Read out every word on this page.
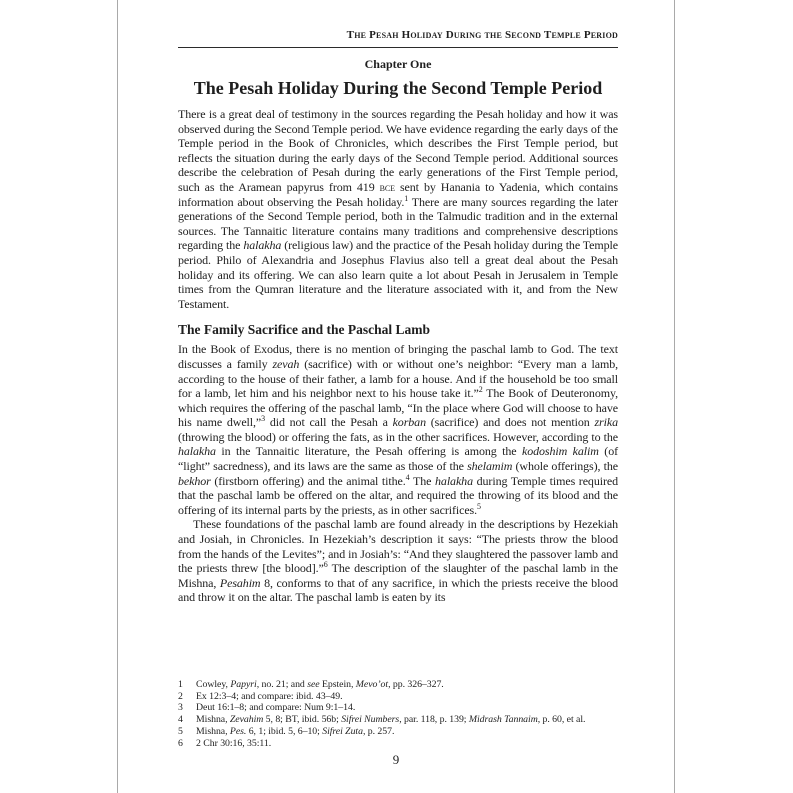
The Pesah Holiday During the Second Temple Period
Chapter One
The Pesah Holiday During the Second Temple Period

There is a great deal of testimony in the sources regarding the Pesah holiday and how it was observed during the Second Temple period. We have evidence regarding the early days of the Temple period in the Book of Chronicles, which describes the First Temple period, but reflects the situation during the early days of the Second Temple period. Additional sources describe the celebration of Pesah during the early generations of the First Temple period, such as the Aramean papyrus from 419 BCE sent by Hanania to Yadenia, which contains information about observing the Pesah holiday.$^1$ There are many sources regarding the later generations of the Second Temple period, both in the Talmudic tradition and in the external sources. The Tannaitic literature contains many traditions and comprehensive descriptions regarding the halakha (religious law) and the practice of the Pesah holiday during the Temple period. Philo of Alexandria and Josephus Flavius also tell a great deal about the Pesah holiday and its offering. We can also learn quite a lot about Pesah in Jerusalem in Temple times from the Qumran literature and the literature associated with it, and from the New Testament.

The Family Sacrifice and the Paschal Lamb

In the Book of Exodus, there is no mention of bringing the paschal lamb to God. The text discusses a family zevah (sacrifice) with or without one’s neighbor: “Every man a lamb, according to the house of their father, a lamb for a house. And if the household be too small for a lamb, let him and his neighbor next to his house take it.”$^2$ The Book of Deuteronomy, which requires the offering of the paschal lamb, “In the place where God will choose to have his name dwell,”$^3$ did not call the Pesah a korban (sacrifice) and does not mention zrika (throwing the blood) or offering the fats, as in the other sacrifices. However, according to the halakha in the Tannaitic literature, the Pesah offering is among the kodoshim kalim (of “light” sacredness), and its laws are the same as those of the shelamim (whole offerings), the bekhor (firstborn offering) and the animal tithe.$^4$ The halakha during Temple times required that the paschal lamb be offered on the altar, and required the throwing of its blood and the offering of its internal parts by the priests, as in other sacrifices.$^5$

These foundations of the paschal lamb are found already in the descriptions by Hezekiah and Josiah, in Chronicles. In Hezekiah’s description it says: “The priests throw the blood from the hands of the Levites”; and in Josiah’s: “And they slaughtered the passover lamb and the priests threw [the blood].”$^6$ The description of the slaughter of the paschal lamb in the Mishna, Pesahim 8, conforms to that of any sacrifice, in which the priests receive the blood and throw it on the altar. The paschal lamb is eaten by its

1	Cowley, Papyri, no. 21; and see Epstein, Mevo’ot, pp. 326–327.
2	Ex 12:3–4; and compare: ibid. 43–49.
3	Deut 16:1–8; and compare: Num 9:1–14.
4	Mishna, Zevahim 5, 8; BT, ibid. 56b; Sifrei Numbers, par. 118, p. 139; Midrash Tannaim, p. 60, et al.
5	Mishna, Pes. 6, 1; ibid. 5, 6–10; Sifrei Zuta, p. 257.
6	2 Chr 30:16, 35:11.
9
